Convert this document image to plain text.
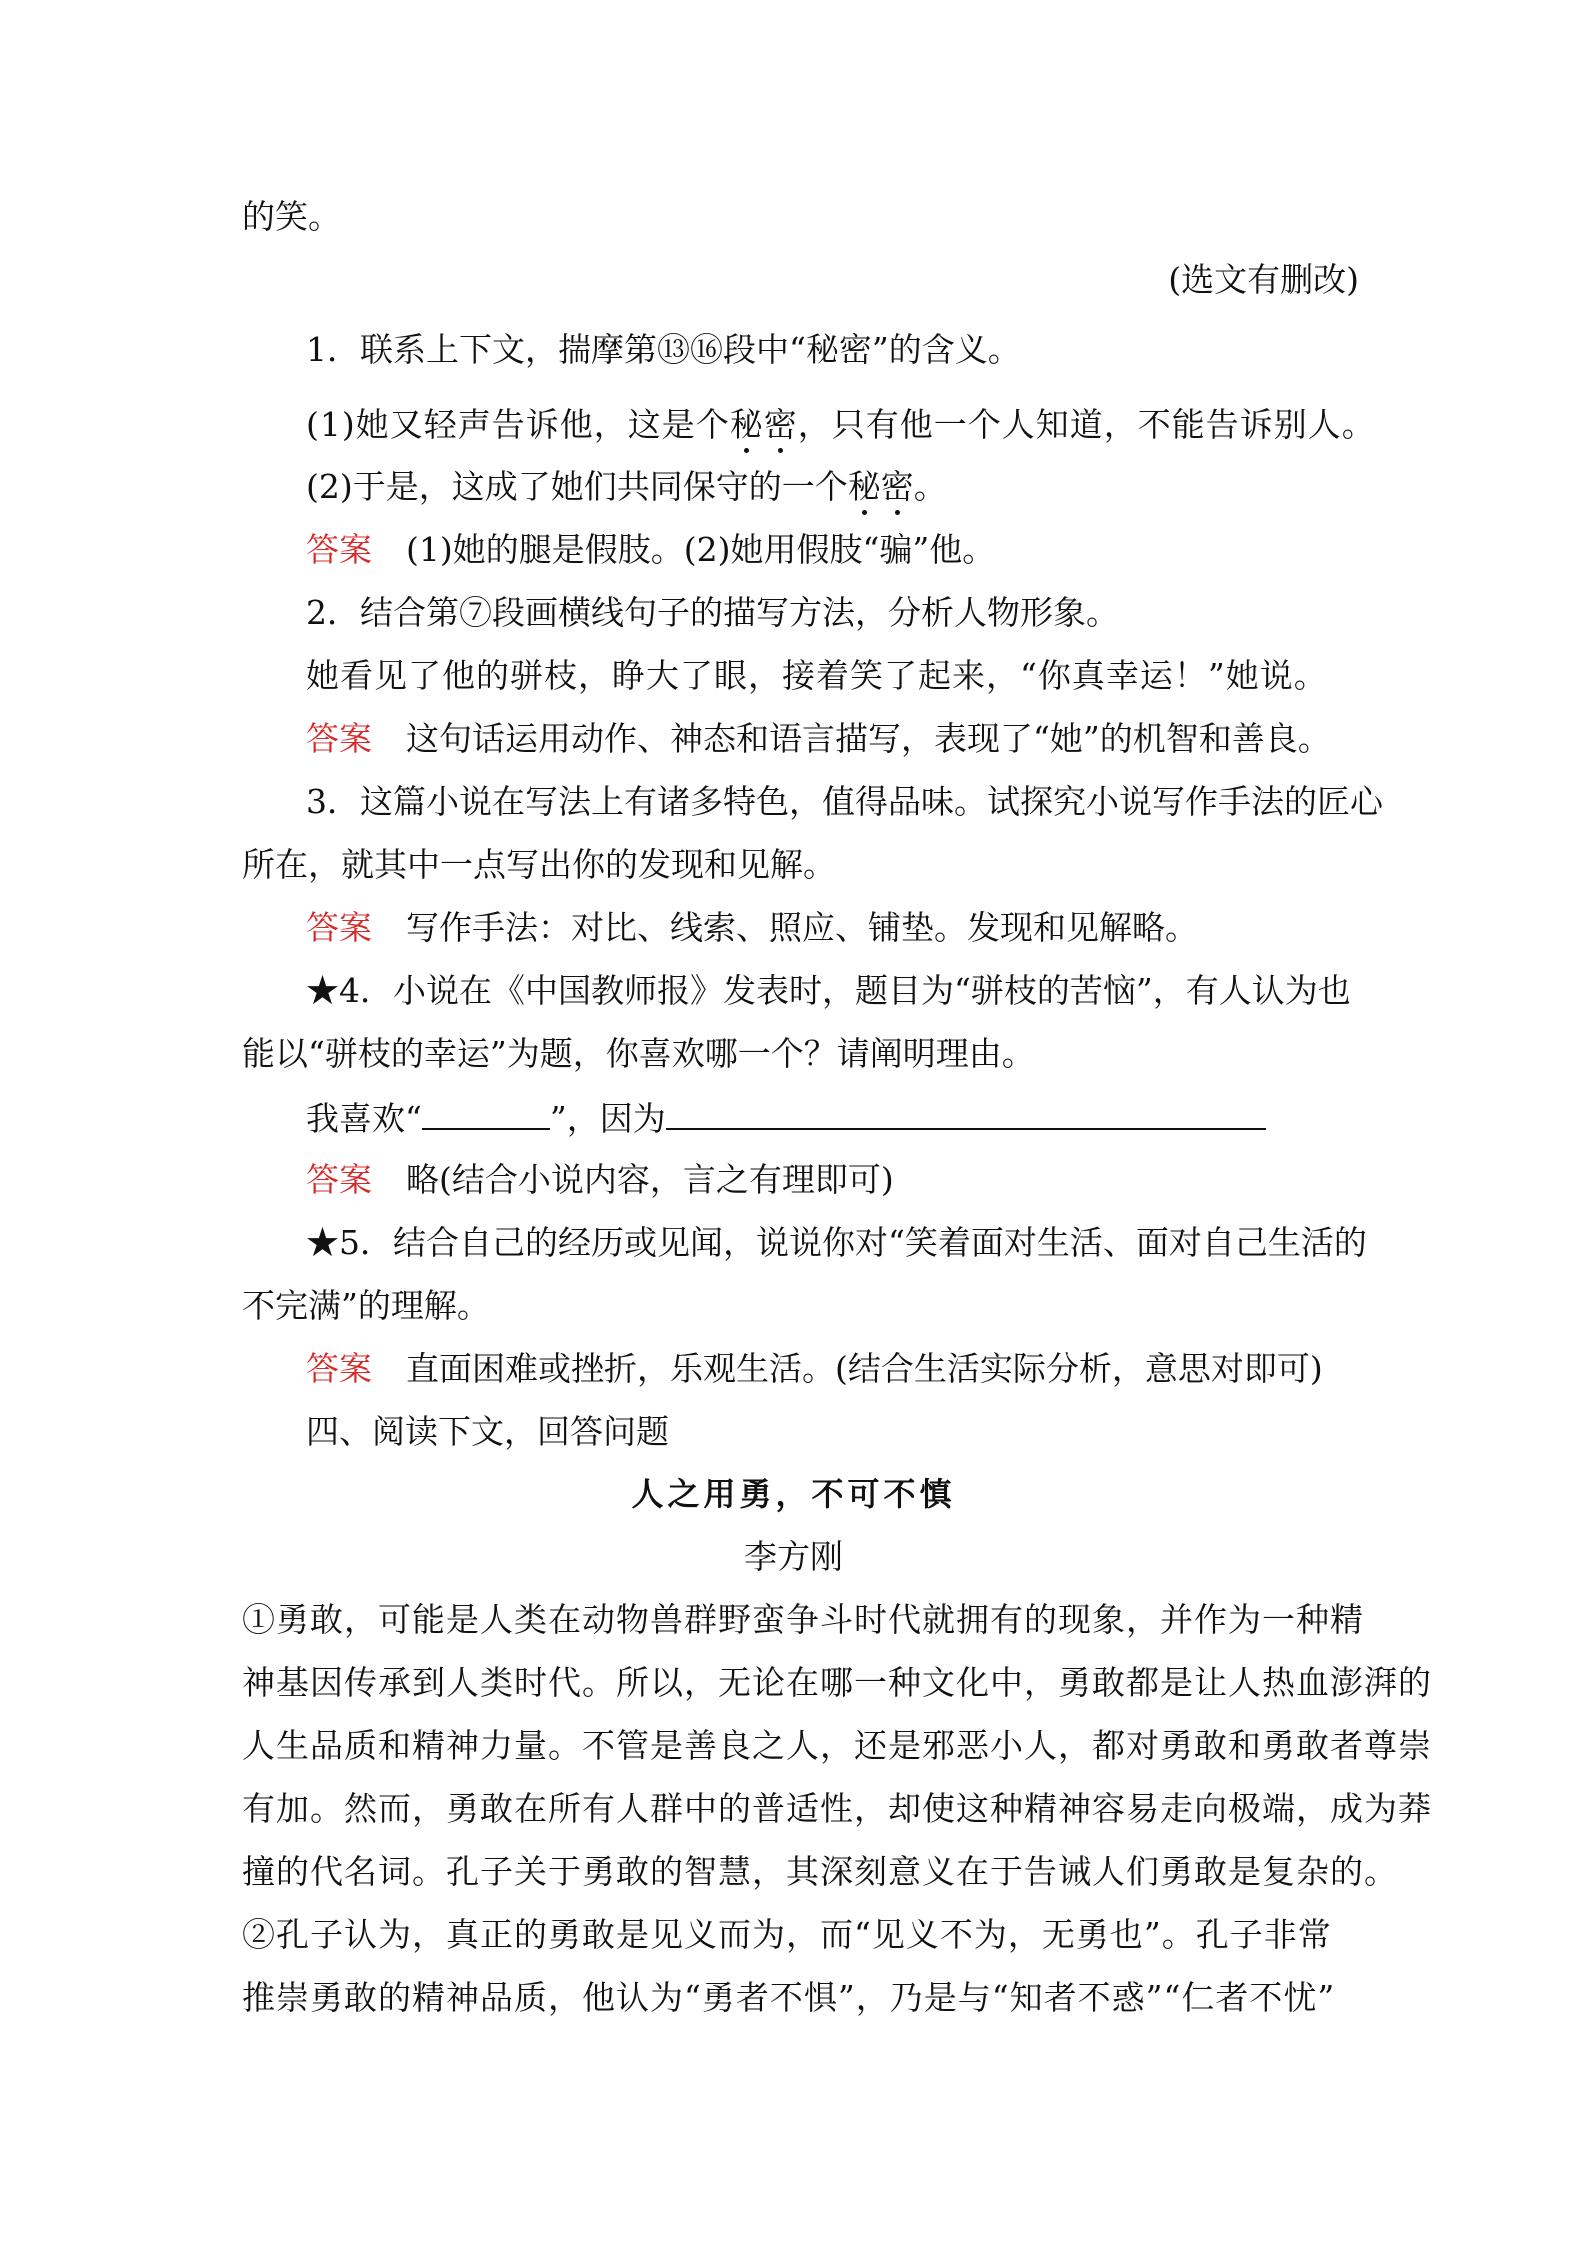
的笑。
(选文有删改)
1．联系上下文，揣摩第⑬⑯段中“秘密”的含义。
(1)她又轻声告诉他，这是个秘密，只有他一个人知道，不能告诉别人。
(2)于是，这成了她们共同保守的一个秘密。
答案 (1)她的腿是假肢。(2)她用假肢“骗”他。
2．结合第⑦段画横线句子的描写方法，分析人物形象。
她看见了他的骈枝，睁大了眼，接着笑了起来，“你真幸运！”她说。
答案 这句话运用动作、神态和语言描写，表现了“她”的机智和善良。
3．这篇小说在写法上有诸多特色，值得品味。试探究小说写作手法的匠心
所在，就其中一点写出你的发现和见解。
答案 写作手法：对比、线索、照应、铺垫。发现和见解略。
★4．小说在《中国教师报》发表时，题目为“骈枝的苦恼”，有人认为也
能以“骈枝的幸运”为题，你喜欢哪一个？请阐明理由。
我喜欢“	”，因为
答案 略(结合小说内容，言之有理即可)
★5．结合自己的经历或见闻，说说你对“笑着面对生活、面对自己生活的
不完满”的理解。
答案 直面困难或挫折，乐观生活。(结合生活实际分析，意思对即可)
四、阅读下文，回答问题
人之用勇，不可不慎
李方刚
①勇敢，可能是人类在动物兽群野蛮争斗时代就拥有的现象，并作为一种精
神基因传承到人类时代。所以，无论在哪一种文化中，勇敢都是让人热血澎湃的
人生品质和精神力量。不管是善良之人，还是邪恶小人，都对勇敢和勇敢者尊崇
有加。然而，勇敢在所有人群中的普适性，却使这种精神容易走向极端，成为莽
撞的代名词。孔子关于勇敢的智慧，其深刻意义在于告诫人们勇敢是复杂的。
②孔子认为，真正的勇敢是见义而为，而“见义不为，无勇也”。孔子非常
推崇勇敢的精神品质，他认为“勇者不惧”，乃是与“知者不惑”“仁者不忧”
